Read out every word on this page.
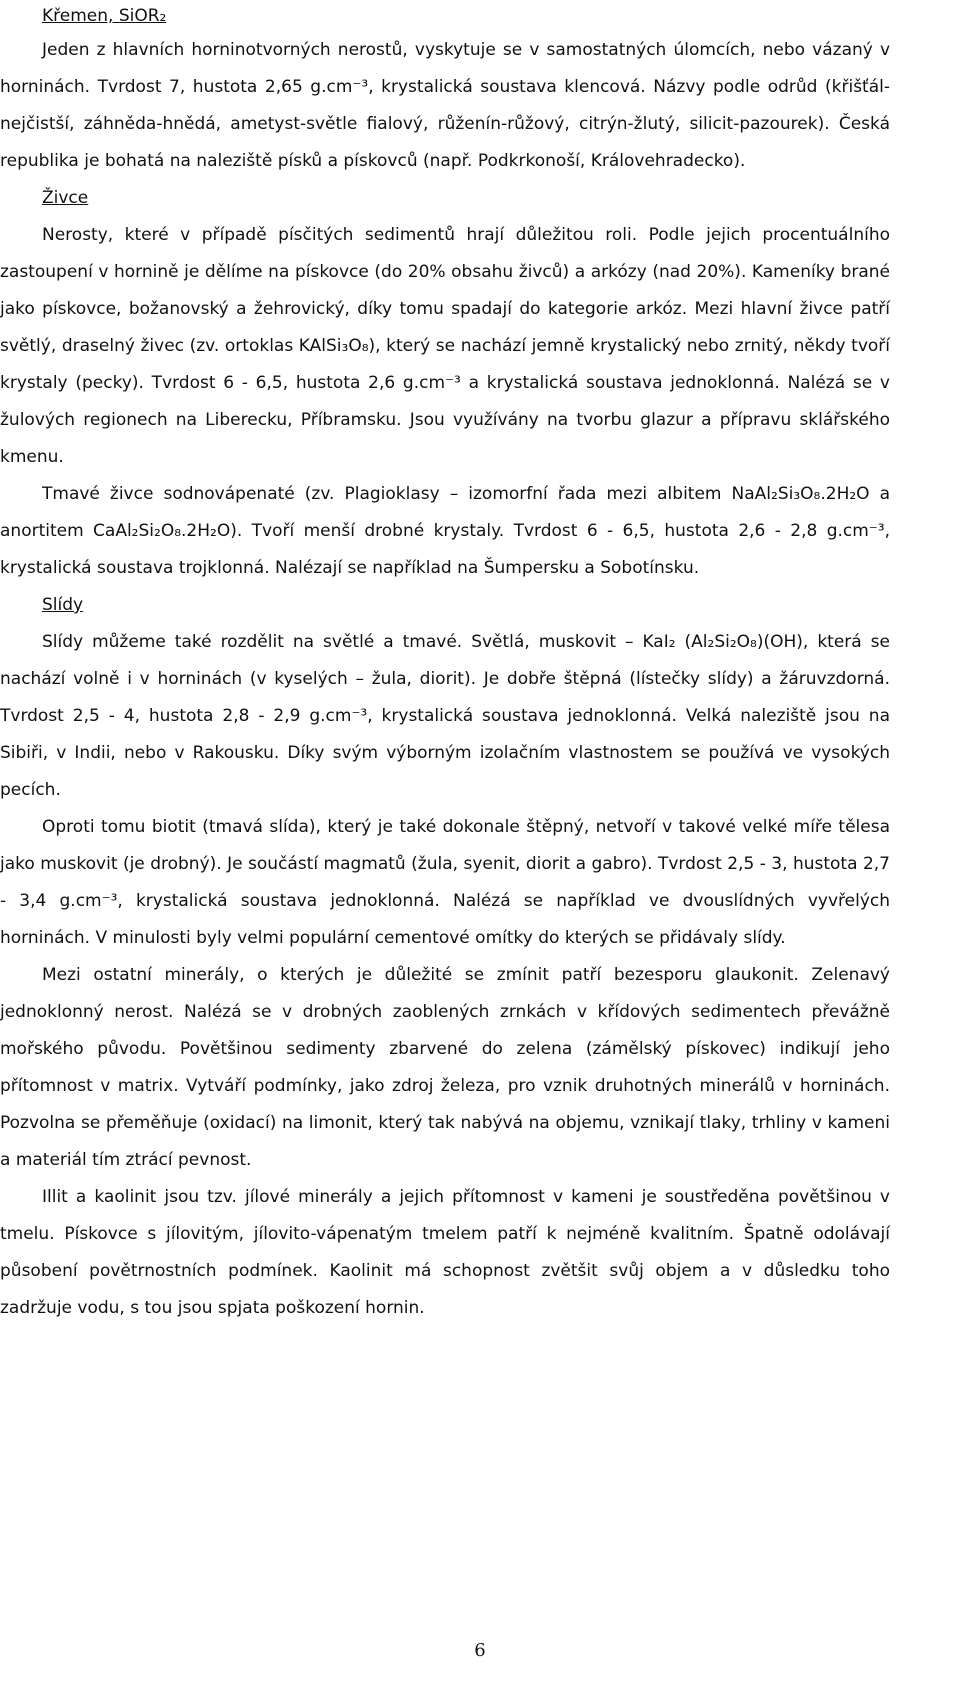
Křemen, SiOR₂

Jeden z hlavních horninotvorných nerostů, vyskytuje se v samostatných úlomcích, nebo vázaný v horninách. Tvrdost 7, hustota 2,65 g.cm⁻³, krystalická soustava klencová. Názvy podle odrůd (křišťál-nejčistší, záhněda-hnědá, ametyst-světle fialový, růženín-růžový, citrýn-žlutý, silicit-pazourek). Česká republika je bohatá na naleziště písků a pískovců (např. Podkrkonoší, Královehradecko).

Živce

Nerosty, které v případě písčitých sedimentů hrají důležitou roli. Podle jejich procentuálního zastoupení v hornině je dělíme na pískovce (do 20% obsahu živců) a arkózy (nad 20%). Kameníky brané jako pískovce, božanovský a žehrovický, díky tomu spadají do kategorie arkóz. Mezi hlavní živce patří světlý, draselný živec (zv. ortoklas KAlSi₃O₈), který se nachází jemně krystalický nebo zrnitý, někdy tvoří krystaly (pecky). Tvrdost 6 - 6,5, hustota 2,6 g.cm⁻³ a krystalická soustava jednoklonná. Nalézá se v žulových regionech na Liberecku, Příbramsku. Jsou využívány na tvorbu glazur a přípravu sklářského kmenu.

Tmavé živce sodnovápenaté (zv. Plagioklasy – izomorfní řada mezi albitem NaAl₂Si₃O₈.2H₂O a anortitem CaAl₂Si₂O₈.2H₂O). Tvoří menší drobné krystaly. Tvrdost 6 - 6,5, hustota 2,6 - 2,8 g.cm⁻³, krystalická soustava trojklonná. Nalézají se například na Šumpersku a Sobotínsku.

Slídy

Slídy můžeme také rozdělit na světlé a tmavé. Světlá, muskovit – KaI₂ (Al₂Si₂O₈)(OH), která se nachází volně i v horninách (v kyselých – žula, diorit). Je dobře štěpná (lístečky slídy) a žáruvzdorná. Tvrdost 2,5 - 4, hustota 2,8 - 2,9 g.cm⁻³, krystalická soustava jednoklonná. Velká naleziště jsou na Sibiři, v Indii, nebo v Rakousku. Díky svým výborným izolačním vlastnostem se používá ve vysokých pecích.

Oproti tomu biotit (tmavá slída), který je také dokonale štěpný, netvoří v takové velké míře tělesa jako muskovit (je drobný). Je součástí magmatů (žula, syenit, diorit a gabro). Tvrdost 2,5 - 3, hustota 2,7 - 3,4 g.cm⁻³, krystalická soustava jednoklonná. Nalézá se například ve dvouslídných vyvřelých horninách. V minulosti byly velmi populární cementové omítky do kterých se přidávaly slídy.

Mezi ostatní minerály, o kterých je důležité se zmínit patří bezesporu glaukonit. Zelenavý jednoklonný nerost. Nalézá se v drobných zaoblených zrnkách v křídových sedimentech převážně mořského původu. Povětšinou sedimenty zbarvené do zelena (zámělský pískovec) indikují jeho přítomnost v matrix. Vytváří podmínky, jako zdroj železa, pro vznik druhotných minerálů v horninách. Pozvolna se přeměňuje (oxidací) na limonit, který tak nabývá na objemu, vznikají tlaky, trhliny v kameni a materiál tím ztrácí pevnost.

Illit a kaolinit jsou tzv. jílové minerály a jejich přítomnost v kameni je soustředěna povětšinou v tmelu. Pískovce s jílovitým, jílovito-vápenatým tmelem patří k nejméně kvalitním. Špatně odolávají působení povětrnostních podmínek. Kaolinit má schopnost zvětšit svůj objem a v důsledku toho zadržuje vodu, s tou jsou spjata poškození hornin.

6
